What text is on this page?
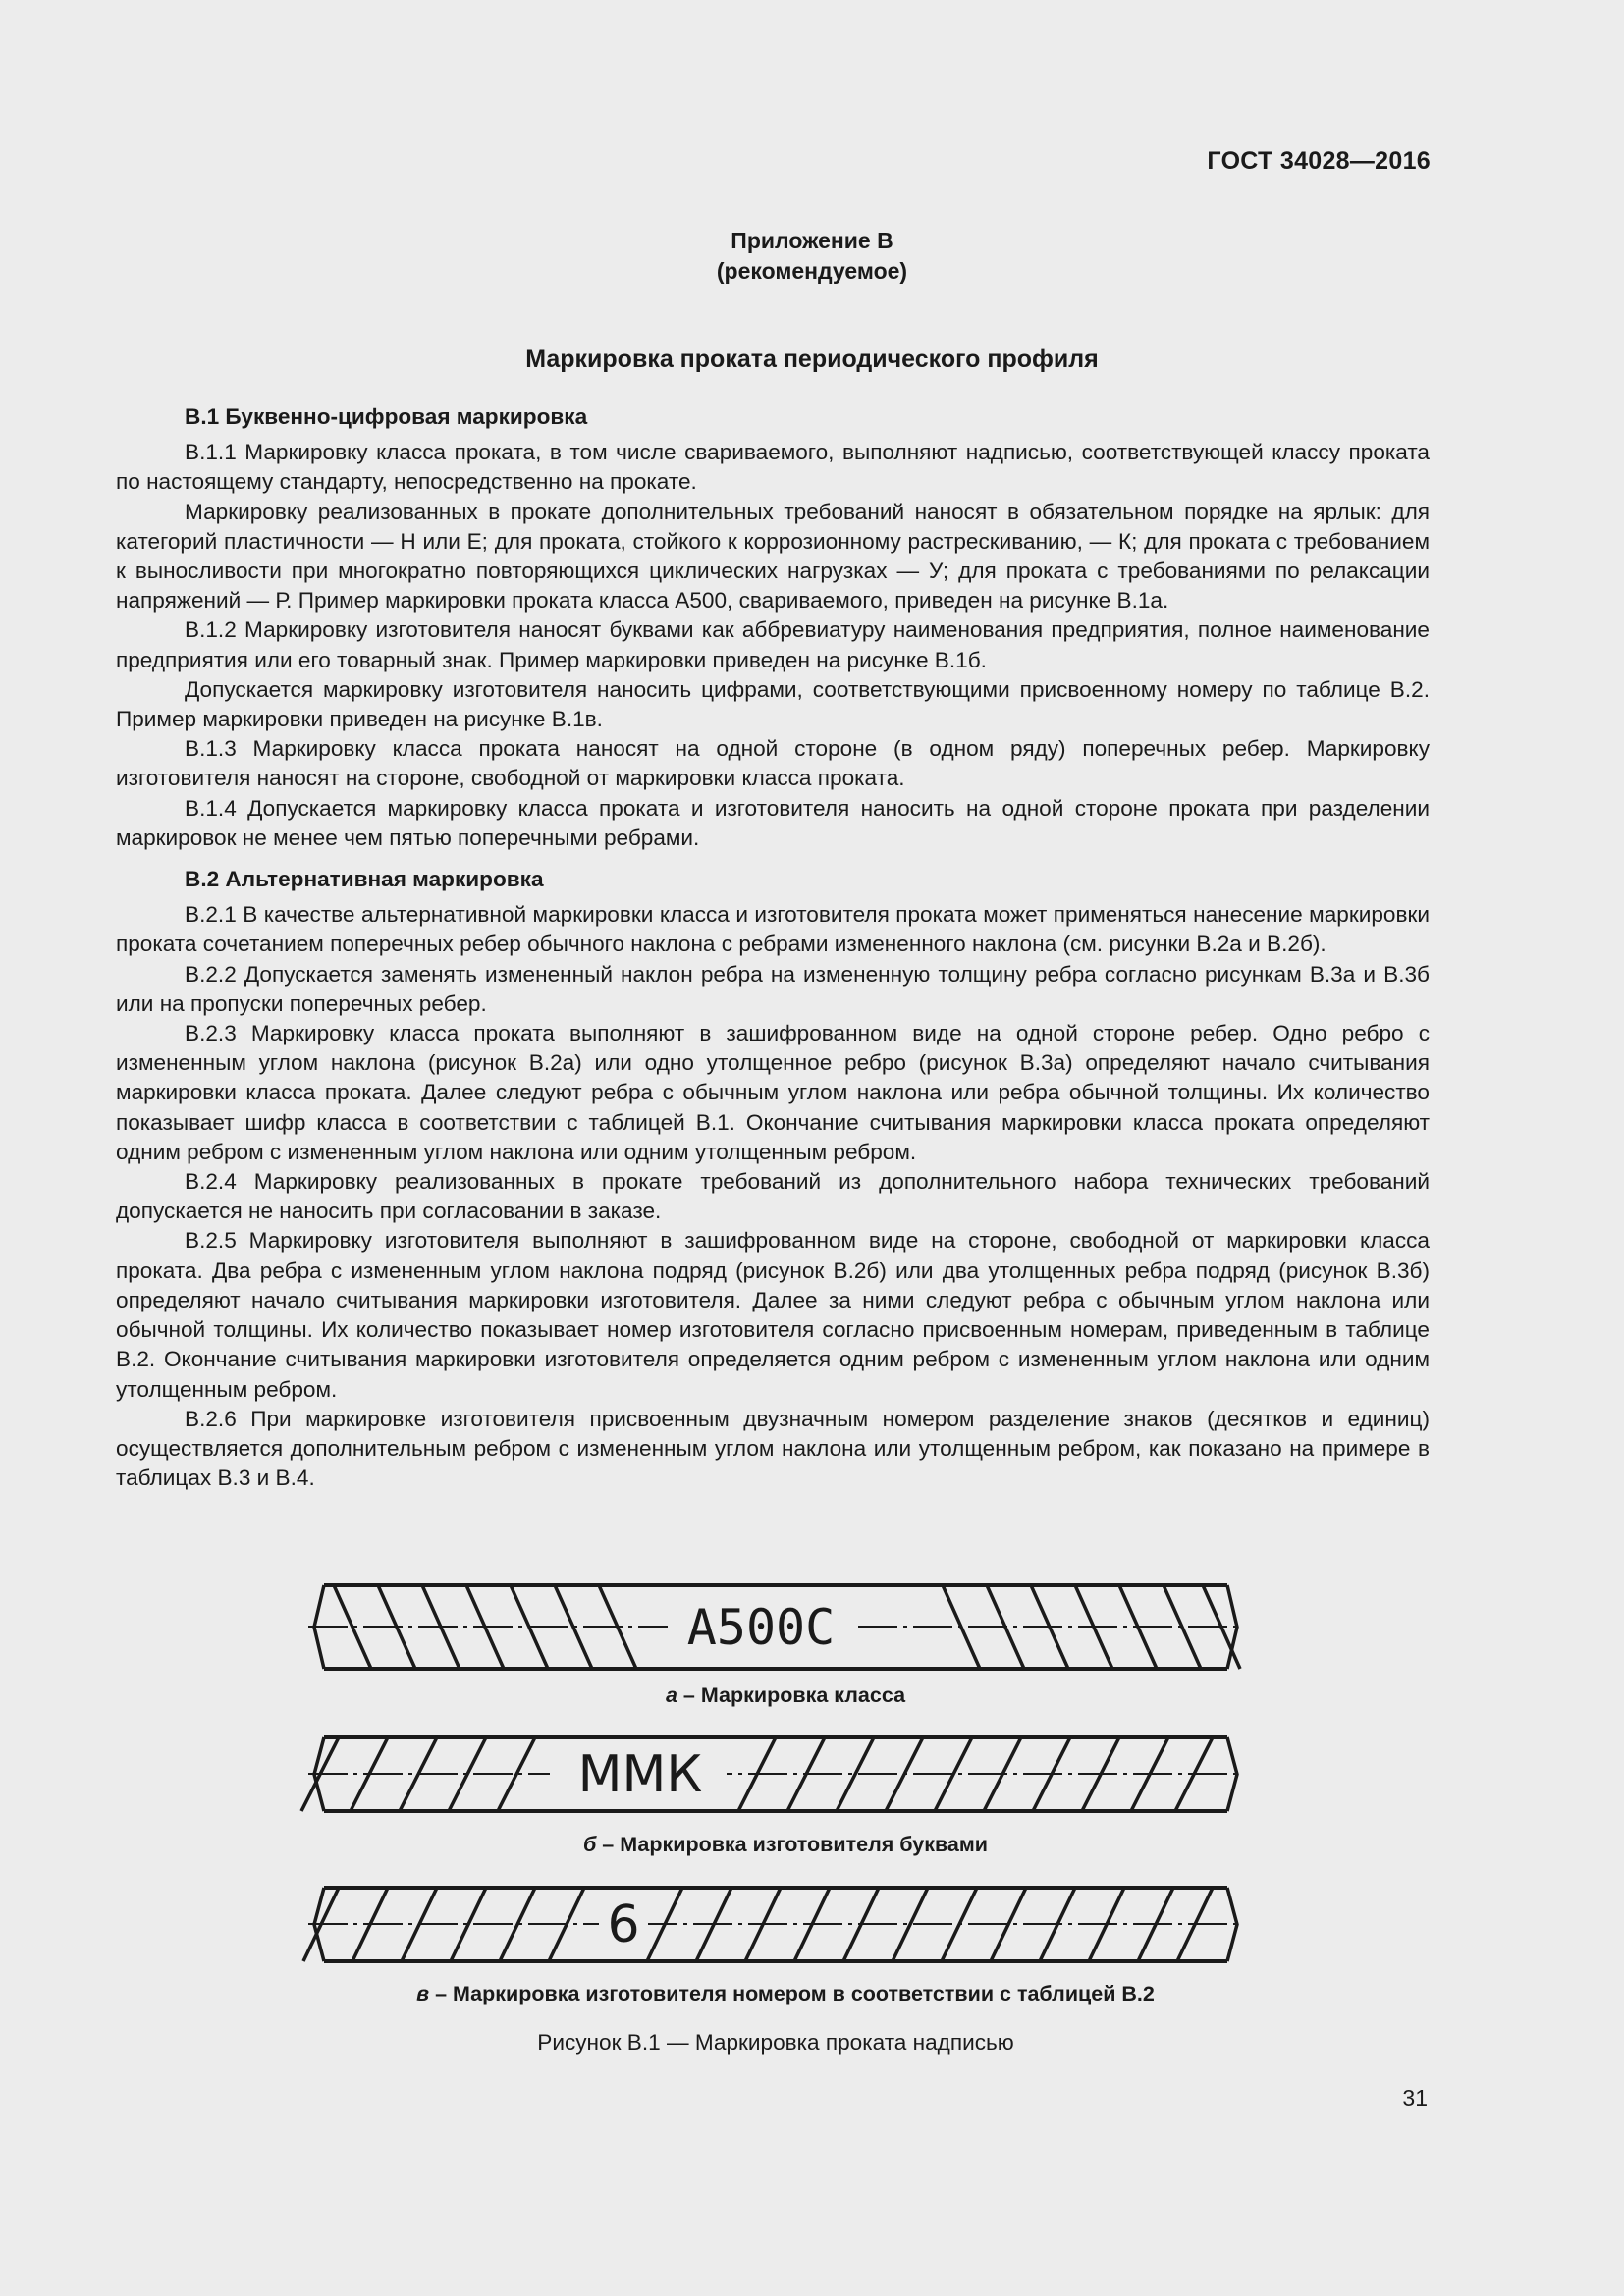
ГОСТ 34028—2016
Приложение В
(рекомендуемое)
Маркировка проката периодического профиля

В.1 Буквенно-цифровая маркировка

В.1.1 Маркировку класса проката, в том числе свариваемого, выполняют надписью, соответствующей классу проката по настоящему стандарту, непосредственно на прокате.

Маркировку реализованных в прокате дополнительных требований наносят в обязательном порядке на ярлык: для категорий пластичности — Н или Е; для проката, стойкого к коррозионному растрескиванию, — К; для проката с требованием к выносливости при многократно повторяющихся циклических нагрузках — У; для проката с требованиями по релаксации напряжений — Р. Пример маркировки проката класса А500, свариваемого, приведен на рисунке В.1а.

В.1.2 Маркировку изготовителя наносят буквами как аббревиатуру наименования предприятия, полное наименование предприятия или его товарный знак. Пример маркировки приведен на рисунке В.1б.

Допускается маркировку изготовителя наносить цифрами, соответствующими присвоенному номеру по таблице В.2. Пример маркировки приведен на рисунке В.1в.

В.1.3 Маркировку класса проката наносят на одной стороне (в одном ряду) поперечных ребер. Маркировку изготовителя наносят на стороне, свободной от маркировки класса проката.

В.1.4 Допускается маркировку класса проката и изготовителя наносить на одной стороне проката при разделении маркировок не менее чем пятью поперечными ребрами.

В.2 Альтернативная маркировка

В.2.1 В качестве альтернативной маркировки класса и изготовителя проката может применяться нанесение маркировки проката сочетанием поперечных ребер обычного наклона с ребрами измененного наклона (см. рисунки В.2а и В.2б).

В.2.2 Допускается заменять измененный наклон ребра на измененную толщину ребра согласно рисункам В.3а и В.3б или на пропуски поперечных ребер.

В.2.3 Маркировку класса проката выполняют в зашифрованном виде на одной стороне ребер. Одно ребро с измененным углом наклона (рисунок В.2а) или одно утолщенное ребро (рисунок В.3а) определяют начало считывания маркировки класса проката. Далее следуют ребра с обычным углом наклона или ребра обычной толщины. Их количество показывает шифр класса в соответствии с таблицей В.1. Окончание считывания маркировки класса проката определяют одним ребром с измененным углом наклона или одним утолщенным ребром.

В.2.4 Маркировку реализованных в прокате требований из дополнительного набора технических требований допускается не наносить при согласовании в заказе.

В.2.5 Маркировку изготовителя выполняют в зашифрованном виде на стороне, свободной от маркировки класса проката. Два ребра с измененным углом наклона подряд (рисунок В.2б) или два утолщенных ребра подряд (рисунок В.3б) определяют начало считывания маркировки изготовителя. Далее за ними следуют ребра с обычным углом наклона или обычной толщины. Их количество показывает номер изготовителя согласно присвоенным номерам, приведенным в таблице В.2. Окончание считывания маркировки изготовителя определяется одним ребром с измененным углом наклона или одним утолщенным ребром.

В.2.6 При маркировке изготовителя присвоенным двузначным номером разделение знаков (десятков и единиц) осуществляется дополнительным ребром с измененным углом наклона или утолщенным ребром, как показано на примере в таблицах В.3 и В.4.

А500С
ММК
6
а – Маркировка класса
б – Маркировка изготовителя буквами
в – Маркировка изготовителя номером в соответствии с таблицей В.2
Рисунок В.1 — Маркировка проката надписью
31
